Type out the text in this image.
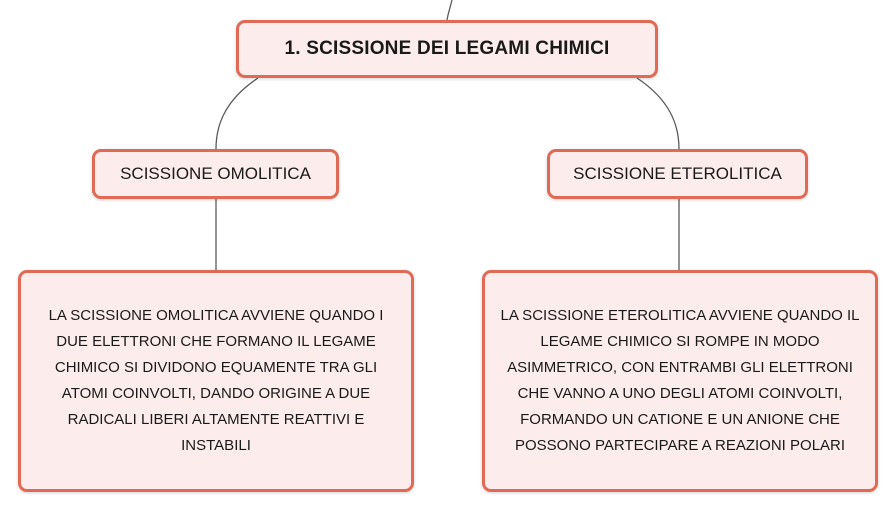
1. SCISSIONE DEI LEGAMI CHIMICI
SCISSIONE OMOLITICA	SCISSIONE ETEROLITICA
LA SCISSIONE OMOLITICA AVVIENE QUANDO I DUE ELETTRONI CHE FORMANO IL LEGAME CHIMICO SI DIVIDONO EQUAMENTE TRA GLI ATOMI COINVOLTI, DANDO ORIGINE A DUE RADICALI LIBERI ALTAMENTE REATTIVI E INSTABILI
LA SCISSIONE ETEROLITICA AVVIENE QUANDO IL LEGAME CHIMICO SI ROMPE IN MODO ASIMMETRICO, CON ENTRAMBI GLI ELETTRONI CHE VANNO A UNO DEGLI ATOMI COINVOLTI, FORMANDO UN CATIONE E UN ANIONE CHE POSSONO PARTECIPARE A REAZIONI POLARI
